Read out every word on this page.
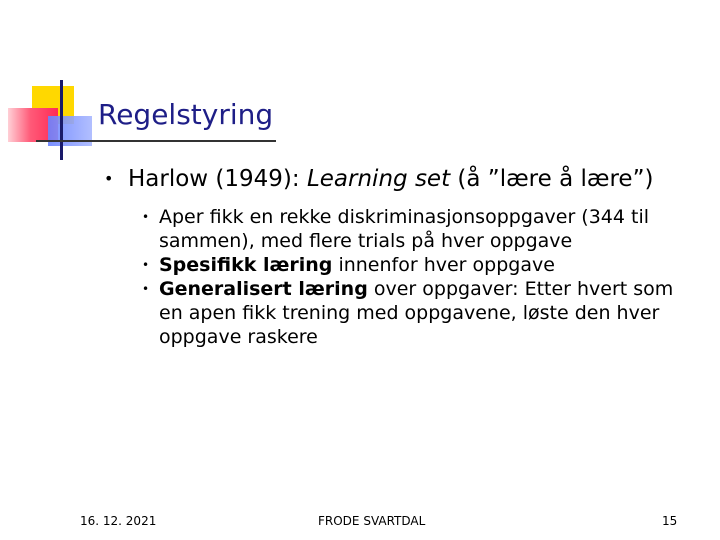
Regelstyring
• Harlow (1949): Learning set (å ”lære å lære”)
• Aper fikk en rekke diskriminasjonsoppgaver (344 til sammen), med flere trials på hver oppgave
• Spesifikk læring innenfor hver oppgave
• Generalisert læring over oppgaver: Etter hvert som en apen fikk trening med oppgavene, løste den hver oppgave raskere
16. 12. 2021	FRODE SVARTDAL	15
